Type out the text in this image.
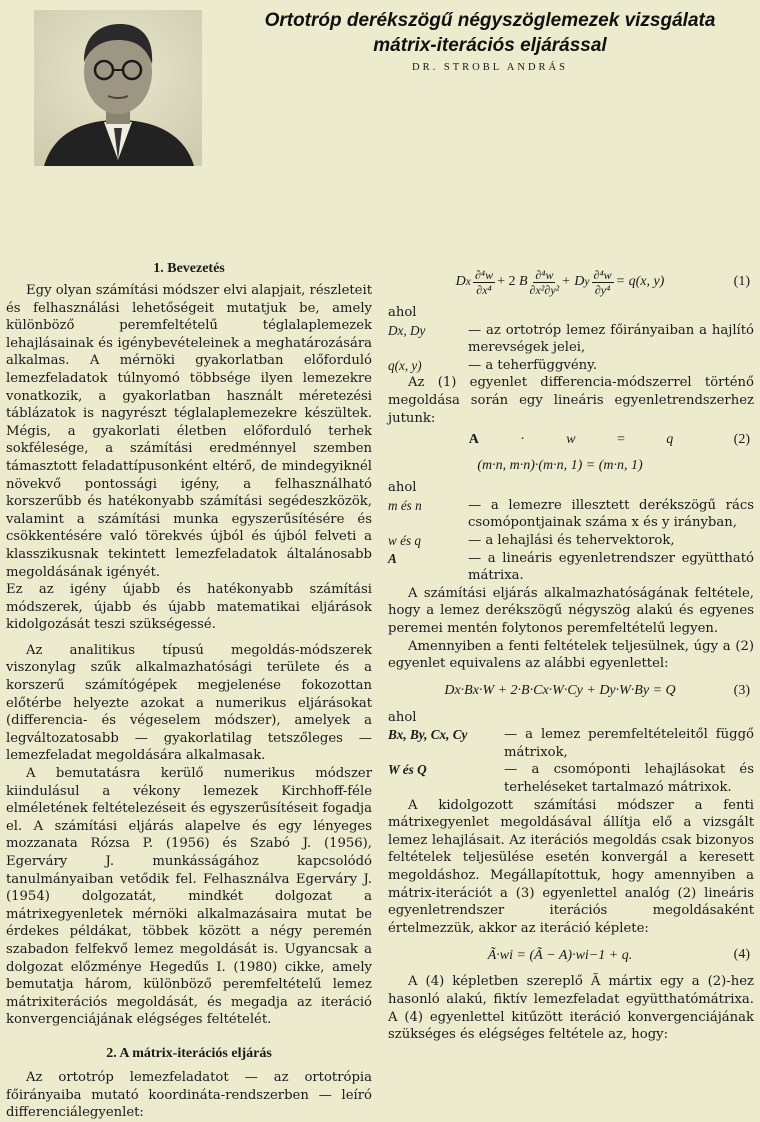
Ortotróp derékszögű négyszöglemezek vizsgálata
mátrix-iterációs eljárással
DR. STROBL ANDRÁS

1. Bevezetés

Egy olyan számítási módszer elvi alapjait, részleteit és felhasználási lehetőségeit mutatjuk be, amely különböző peremfeltételű téglalaplemezek lehajlásainak és igénybevételeinek a meghatározására alkalmas. A mérnöki gyakorlatban előforduló lemezfeladatok túlnyomó többsége ilyen lemezekre vonatkozik, a gyakorlatban használt méretezési táblázatok is nagyrészt téglalaplemezekre készültek. Mégis, a gyakorlati életben előforduló terhek sokfélesége, a számítási eredménnyel szemben támasztott feladattípusonként eltérő, de mindegyiknél növekvő pontossági igény, a felhasználható korszerűbb és hatékonyabb számítási segédeszközök, valamint a számítási munka egyszerűsítésére és csökkentésére való törekvés újból és újból felveti a klasszikusnak tekintett lemezfeladatok általánosabb megoldásának igényét.

Ez az igény újabb és hatékonyabb számítási módszerek, újabb és újabb matematikai eljárások kidolgozását teszi szükségessé.

Az analitikus típusú megoldás-módszerek viszonylag szűk alkalmazhatósági területe és a korszerű számítógépek megjelenése fokozottan előtérbe helyezte azokat a numerikus eljárásokat (differencia- és végeselem módszer), amelyek a legváltozatosabb — gyakorlatilag tetszőleges — lemezfeladat megoldására alkalmasak.

A bemutatásra kerülő numerikus módszer kiindulásul a vékony lemezek Kirchhoff-féle elméletének feltételezéseit és egyszerűsítéseit fogadja el. A számítási eljárás alapelve és egy lényeges mozzanata Rózsa P. (1956) és Szabó J. (1956), Egerváry J. munkásságához kapcsolódó tanulmányaiban vetődik fel. Felhasználva Egerváry J. (1954) dolgozatát, mindkét dolgozat a mátrixegyenletek mérnöki alkalmazásaira mutat be érdekes példákat, többek között a négy peremén szabadon felfekvő lemez megoldását is. Ugyancsak a dolgozat előzménye Hegedűs I. (1980) cikke, amely bemutatja három, különböző peremfeltételű lemez mátrixiterációs megoldását, és megadja az iteráció konvergenciájának elégséges feltételét.

2. A mátrix-iterációs eljárás

Az ortotróp lemezfeladatot — az ortotrópia főirányaiba mutató koordináta-rendszerben — leíró differenciálegyenlet:

D x $\frac{\text{∂⁴w}}{\text{∂x⁴}} + 2$
B $\frac{\text{∂⁴w}}{\text{∂x²∂y²}} + D$ y $\frac{\text{∂⁴w}}{\text{∂y⁴}} = q(x$, y)	(1)

ahol

Dx, Dy	— az ortotróp lemez főirányaiban a hajlító merevségek jelei,
q(x, y)	— a teherfüggvény.

Az (1) egyenlet differencia-módszerrel történő megoldása során egy lineáris egyenletrendszerhez jutunk:

A	·	w	=	q	(2)
(m·n, m·n)·(m·n, 1) = (m·n, 1)

ahol

m és n	— a lemezre illesztett derékszögű rács csomópontjainak száma x és y irányban,
w és q	— a lehajlási és tehervektorok,
A	— a lineáris egyenletrendszer együttható mátrixa.

A számítási eljárás alkalmazhatóságának feltétele, hogy a lemez derékszögű négyszög alakú és egyenes peremei mentén folytonos peremfeltételű legyen.

Amennyiben a fenti feltételek teljesülnek, úgy a (2) egyenlet equivalens az alábbi egyenlettel:

Dx·Bx·W + 2·B·Cx·W·Cy + Dy·W·By = Q	(3)

ahol

Bx, By, Cx, Cy	— a lemez peremfeltételeitől függő mátrixok,
W és Q	— a csomóponti lehajlásokat és terheléseket tartalmazó mátrixok.

A kidolgozott számítási módszer a fenti mátrixegyenlet megoldásával állítja elő a vizsgált lemez lehajlásait. Az iterációs megoldás csak bizonyos feltételek teljesülése esetén konvergál a keresett megoldáshoz. Megállapítottuk, hogy amennyiben a mátrix-iterációt a (3) egyenlettel analóg (2) lineáris egyenletrendszer iterációs megoldásaként értelmezzük, akkor az iteráció képlete:

Ã·wi = (Ã − A)·wi−1 + q.	(4)

A (4) képletben szereplő Ã mártix egy a (2)-hez hasonló alakú, fiktív lemezfeladat együtthatómátrixa. A (4) egyenlettel kitűzött iteráció konvergenciájának szükséges és elégséges feltétele az, hogy:
